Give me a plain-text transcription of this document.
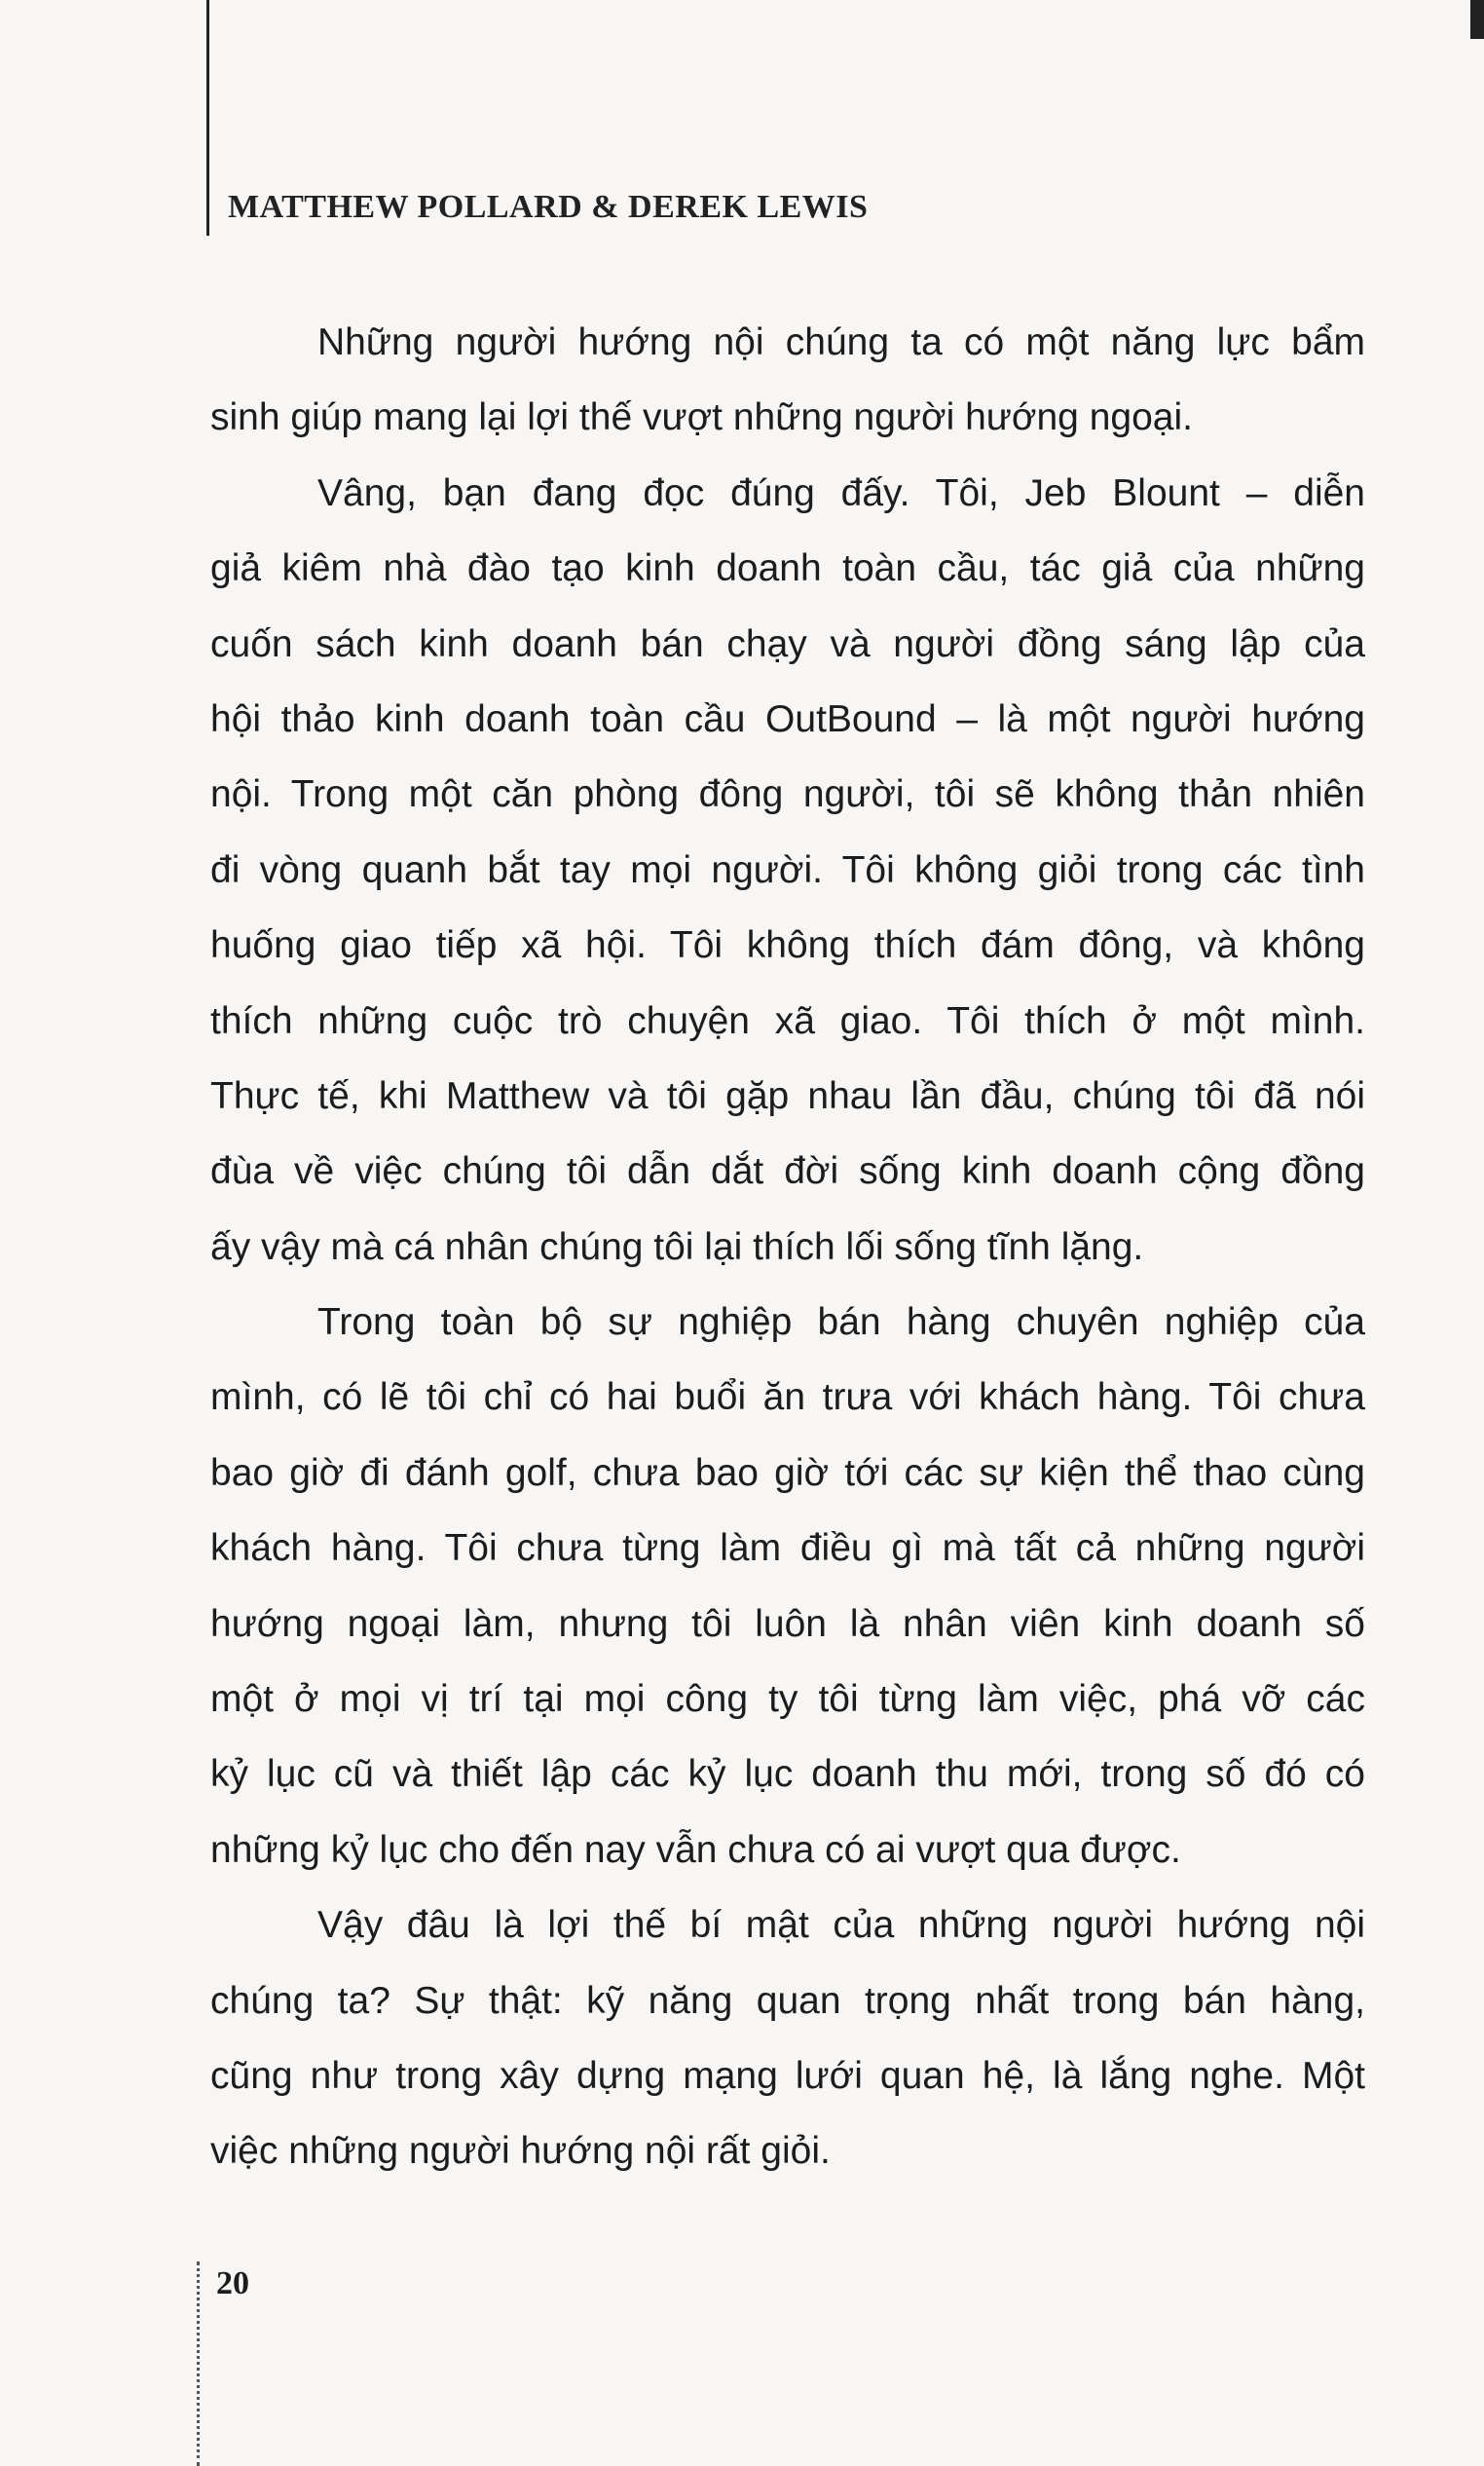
MATTHEW POLLARD & DEREK LEWIS
Những người hướng nội chúng ta có một năng lực bẩm
sinh giúp mang lại lợi thế vượt những người hướng ngoại.
Vâng, bạn đang đọc đúng đấy. Tôi, Jeb Blount – diễn
giả kiêm nhà đào tạo kinh doanh toàn cầu, tác giả của những
cuốn sách kinh doanh bán chạy và người đồng sáng lập của
hội thảo kinh doanh toàn cầu OutBound – là một người hướng
nội. Trong một căn phòng đông người, tôi sẽ không thản nhiên
đi vòng quanh bắt tay mọi người. Tôi không giỏi trong các tình
huống giao tiếp xã hội. Tôi không thích đám đông, và không
thích những cuộc trò chuyện xã giao. Tôi thích ở một mình.
Thực tế, khi Matthew và tôi gặp nhau lần đầu, chúng tôi đã nói
đùa về việc chúng tôi dẫn dắt đời sống kinh doanh cộng đồng
ấy vậy mà cá nhân chúng tôi lại thích lối sống tĩnh lặng.
Trong toàn bộ sự nghiệp bán hàng chuyên nghiệp của
mình, có lẽ tôi chỉ có hai buổi ăn trưa với khách hàng. Tôi chưa
bao giờ đi đánh golf, chưa bao giờ tới các sự kiện thể thao cùng
khách hàng. Tôi chưa từng làm điều gì mà tất cả những người
hướng ngoại làm, nhưng tôi luôn là nhân viên kinh doanh số
một ở mọi vị trí tại mọi công ty tôi từng làm việc, phá vỡ các
kỷ lục cũ và thiết lập các kỷ lục doanh thu mới, trong số đó có
những kỷ lục cho đến nay vẫn chưa có ai vượt qua được.
Vậy đâu là lợi thế bí mật của những người hướng nội
chúng ta? Sự thật: kỹ năng quan trọng nhất trong bán hàng,
cũng như trong xây dựng mạng lưới quan hệ, là lắng nghe. Một
việc những người hướng nội rất giỏi.
20
